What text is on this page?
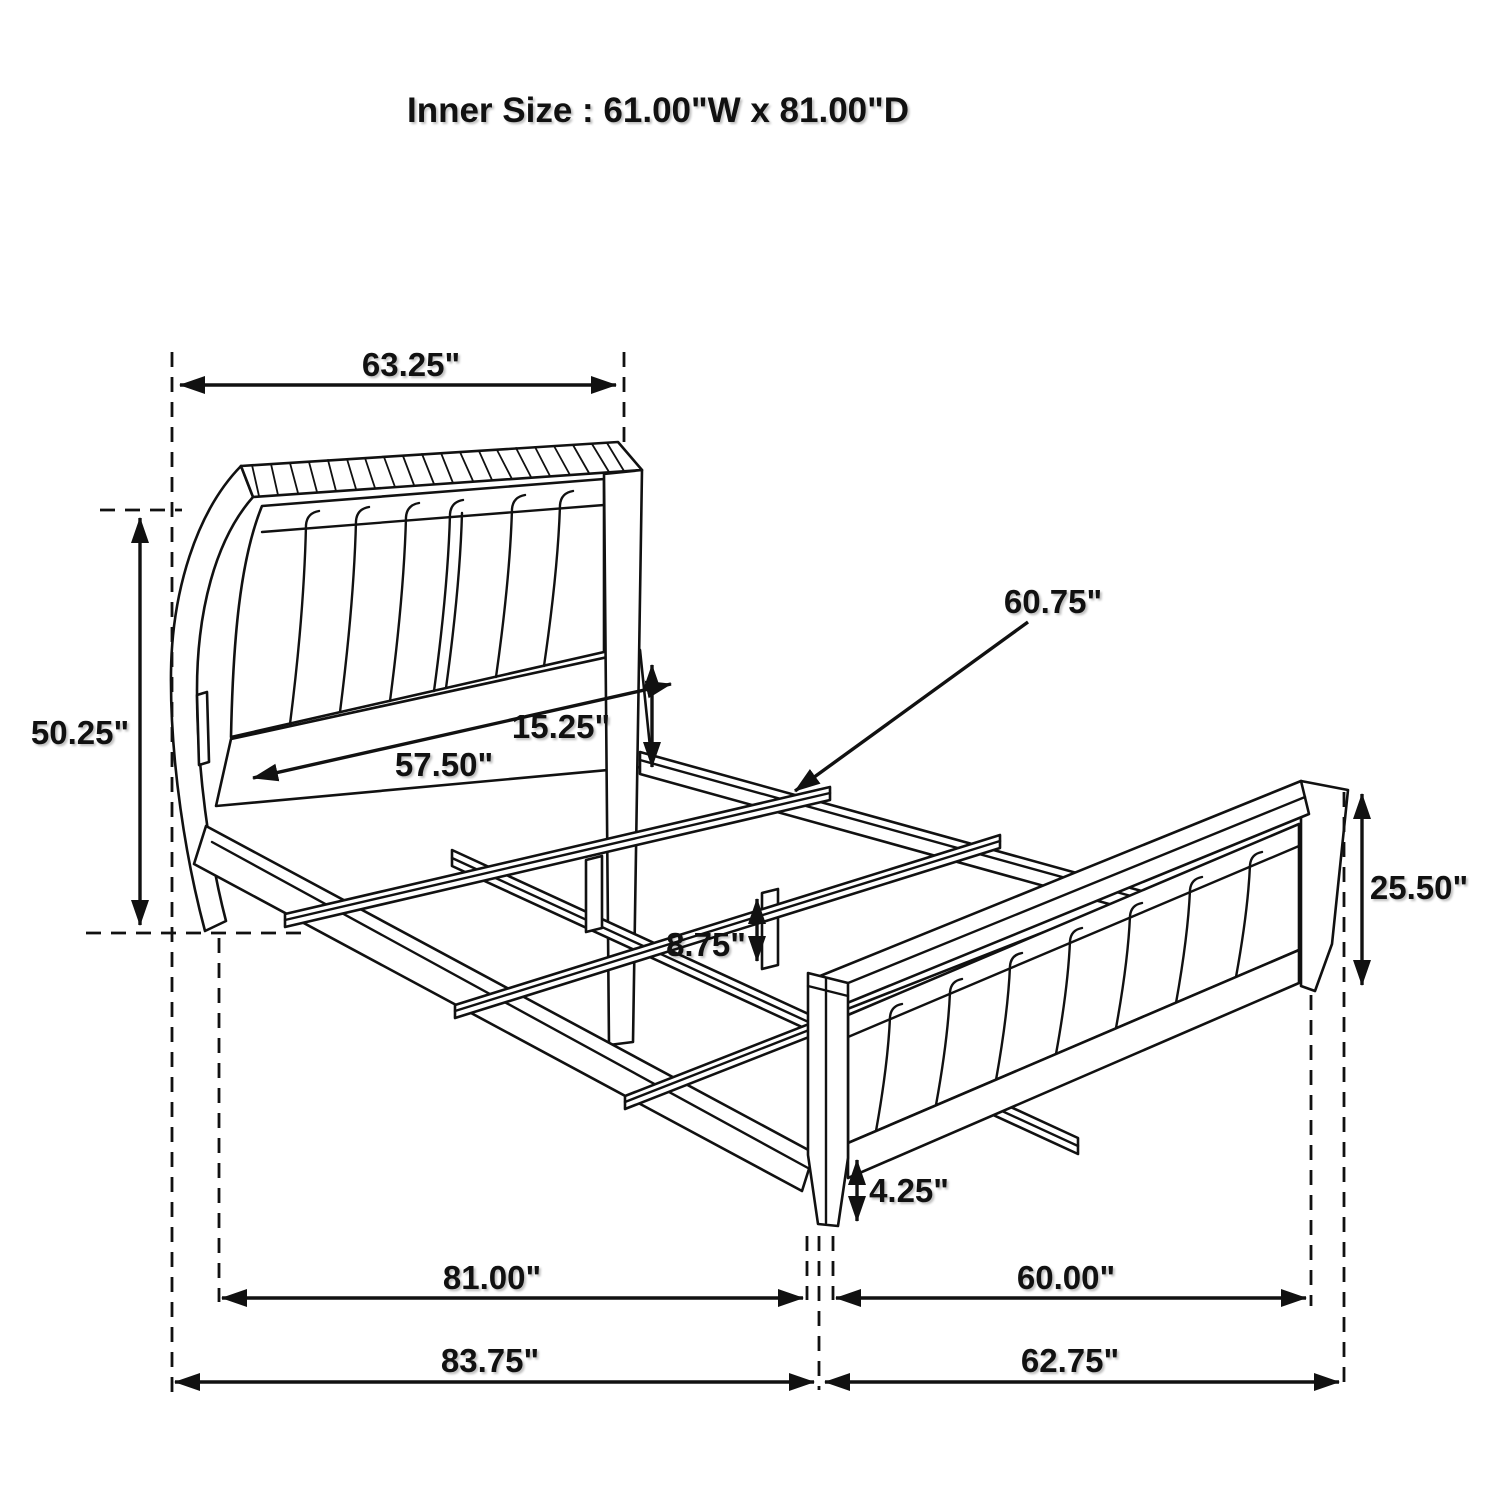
Inner Size : 61.00"W x 81.00"D
63.25"
50.25"
57.50"
15.25"
60.75"
25.50"
8.75"
4.25"
81.00"	60.00"
83.75"	62.75"
